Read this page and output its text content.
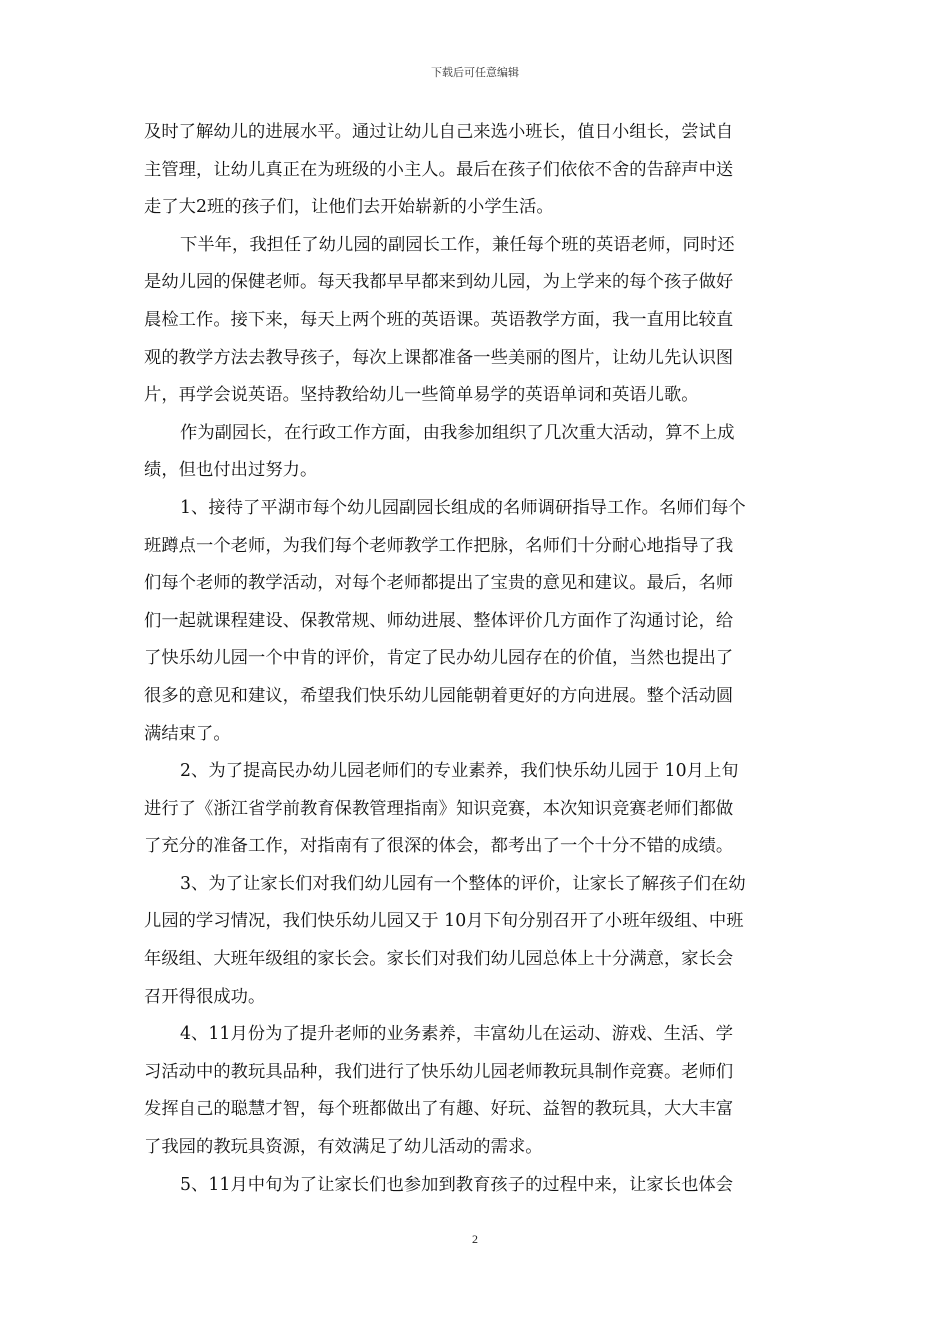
下载后可任意编辑
及时了解幼儿的进展水平。通过让幼儿自己来选小班长，值日小组长，尝试自
主管理，让幼儿真正在为班级的小主人。最后在孩子们依依不舍的告辞声中送
走了大2班的孩子们，让他们去开始崭新的小学生活。
下半年，我担任了幼儿园的副园长工作，兼任每个班的英语老师，同时还
是幼儿园的保健老师。每天我都早早都来到幼儿园，为上学来的每个孩子做好
晨检工作。接下来，每天上两个班的英语课。英语教学方面，我一直用比较直
观的教学方法去教导孩子，每次上课都准备一些美丽的图片，让幼儿先认识图
片，再学会说英语。坚持教给幼儿一些简单易学的英语单词和英语儿歌。
作为副园长，在行政工作方面，由我参加组织了几次重大活动，算不上成
绩，但也付出过努力。
1、接待了平湖市每个幼儿园副园长组成的名师调研指导工作。名师们每个
班蹲点一个老师，为我们每个老师教学工作把脉，名师们十分耐心地指导了我
们每个老师的教学活动，对每个老师都提出了宝贵的意见和建议。最后，名师
们一起就课程建设、保教常规、师幼进展、整体评价几方面作了沟通讨论，给
了快乐幼儿园一个中肯的评价，肯定了民办幼儿园存在的价值，当然也提出了
很多的意见和建议，希望我们快乐幼儿园能朝着更好的方向进展。整个活动圆
满结束了。
2、为了提高民办幼儿园老师们的专业素养，我们快乐幼儿园于 10月上旬
进行了《浙江省学前教育保教管理指南》知识竞赛，本次知识竞赛老师们都做
了充分的准备工作，对指南有了很深的体会，都考出了一个十分不错的成绩。
3、为了让家长们对我们幼儿园有一个整体的评价，让家长了解孩子们在幼
儿园的学习情况，我们快乐幼儿园又于 10月下旬分别召开了小班年级组、中班
年级组、大班年级组的家长会。家长们对我们幼儿园总体上十分满意，家长会
召开得很成功。
4、11月份为了提升老师的业务素养，丰富幼儿在运动、游戏、生活、学
习活动中的教玩具品种，我们进行了快乐幼儿园老师教玩具制作竞赛。老师们
发挥自己的聪慧才智，每个班都做出了有趣、好玩、益智的教玩具，大大丰富
了我园的教玩具资源，有效满足了幼儿活动的需求。
5、11月中旬为了让家长们也参加到教育孩子的过程中来，让家长也体会
2
